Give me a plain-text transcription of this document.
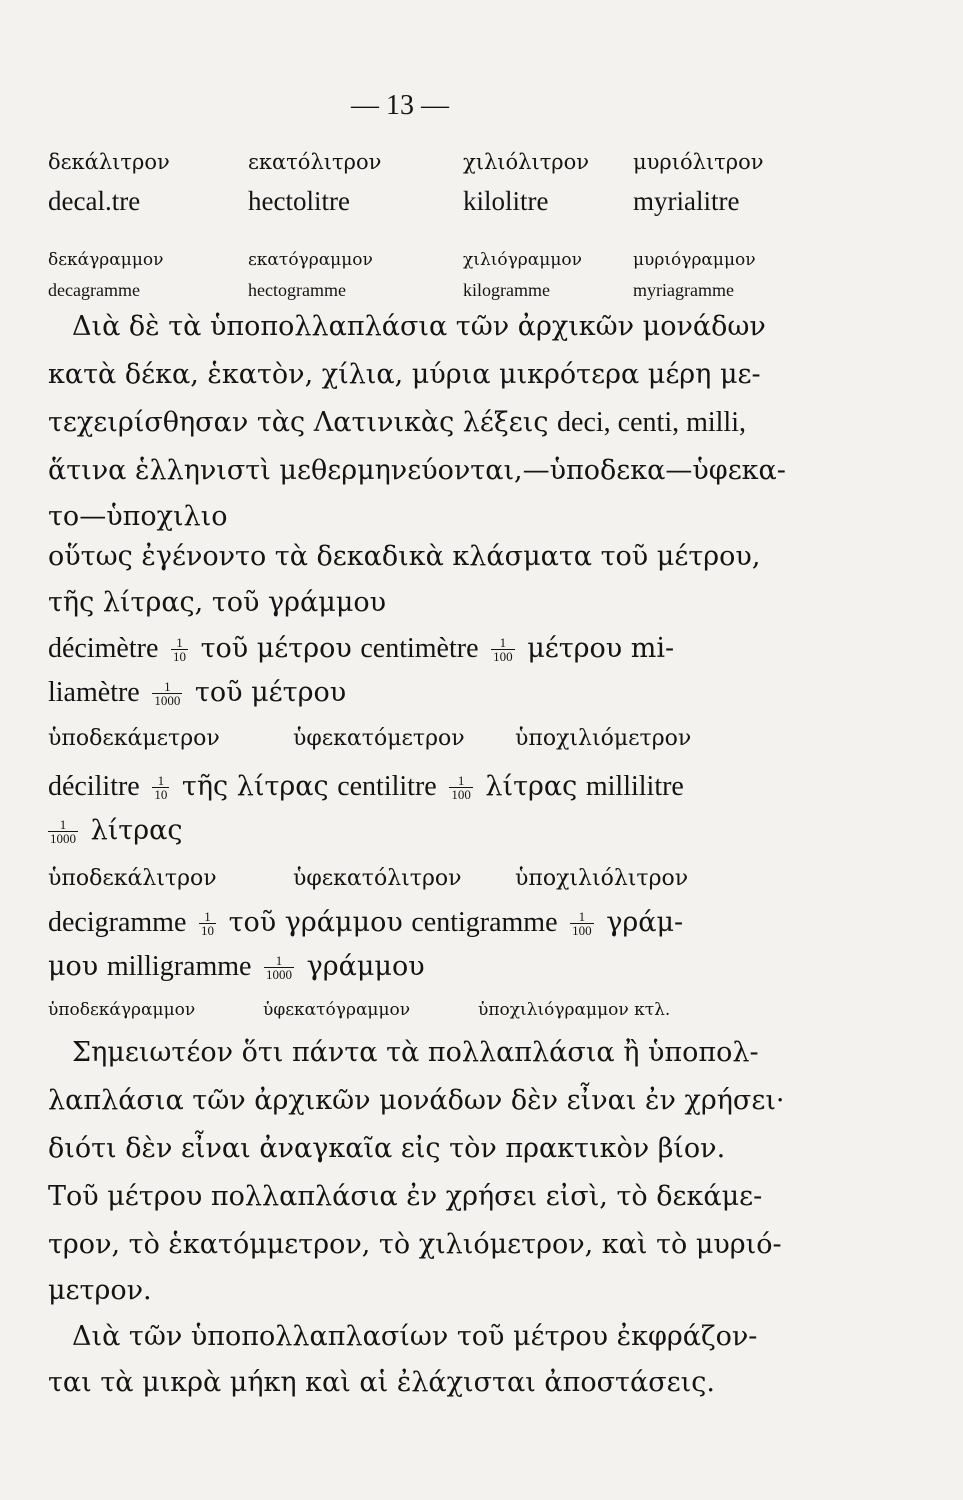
— 13 —
δεκάλιτρον	εκατόλιτρον	χιλιόλιτρον μυριόλιτρον
decal.tre	hectolitre	kilolitre	myrialitre
δεκάγραμμον	εκατόγραμμον	χιλιόγραμμον	μυριόγραμμον
decagramme	hectogramme	kilogramme	myriagramme
Διὰ δὲ τὰ ὑποπολλαπλάσια τῶν ἀρχικῶν μονάδων
κατὰ δέκα, ἑκατὸν, χίλια, μύρια μικρότερα μέρη με-
τεχειρίσθησαν τὰς Λατινικὰς λέξεις deci, centi, milli,
ἅτινα ἑλληνιστὶ μεθερμηνεύονται,—ὑποδεκα—ὑφεκα-
το—ὑποχιλιο
οὕτως ἐγένοντο τὰ δεκαδικὰ κλάσματα τοῦ μέτρου,
τῆς λίτρας, τοῦ γράμμου
décimètre $\frac{1}{10}$ τοῦ μέτρου centimètre $\frac{1}{100}$ μέτρου mi-
liamètre $\frac{1}{1000}$ τοῦ μέτρου
ὑποδεκάμετρον	ὑφεκατόμετρον ὑποχιλιόμετρον
décilitre $\frac{1}{10}$ τῆς λίτρας centilitre $\frac{1}{100}$ λίτρας millilitre
$\frac{1}{1000}$ λίτρας
ὑποδεκάλιτρον	ὑφεκατόλιτρον ὑποχιλιόλιτρον
decigramme $\frac{1}{10}$ τοῦ γράμμου centigramme $\frac{1}{100} \gamma\rho ά\mu-$
μου milligramme $\frac{1}{1000}$ γράμμου
ὑποδεκάγραμμον	ὑφεκατόγραμμον	ὑποχιλιόγραμμον κτλ.
Σημειωτέον ὅτι πάντα τὰ πολλαπλάσια ἢ ὑποπολ-
λαπλάσια τῶν ἀρχικῶν μονάδων δὲν εἶναι ἐν χρήσει·
διότι δὲν εἶναι ἀναγκαῖα εἰς τὸν πρακτικὸν βίον.
Τοῦ μέτρου πολλαπλάσια ἐν χρήσει εἰσὶ, τὸ δεκάμε-
τρον, τὸ ἑκατόμμετρον, τὸ χιλιόμετρον, καὶ τὸ μυριό-
μετρον.
Διὰ τῶν ὑποπολλαπλασίων τοῦ μέτρου ἐκφράζον-
ται τὰ μικρὰ μήκη καὶ αἱ ἐλάχισται ἀποστάσεις.
